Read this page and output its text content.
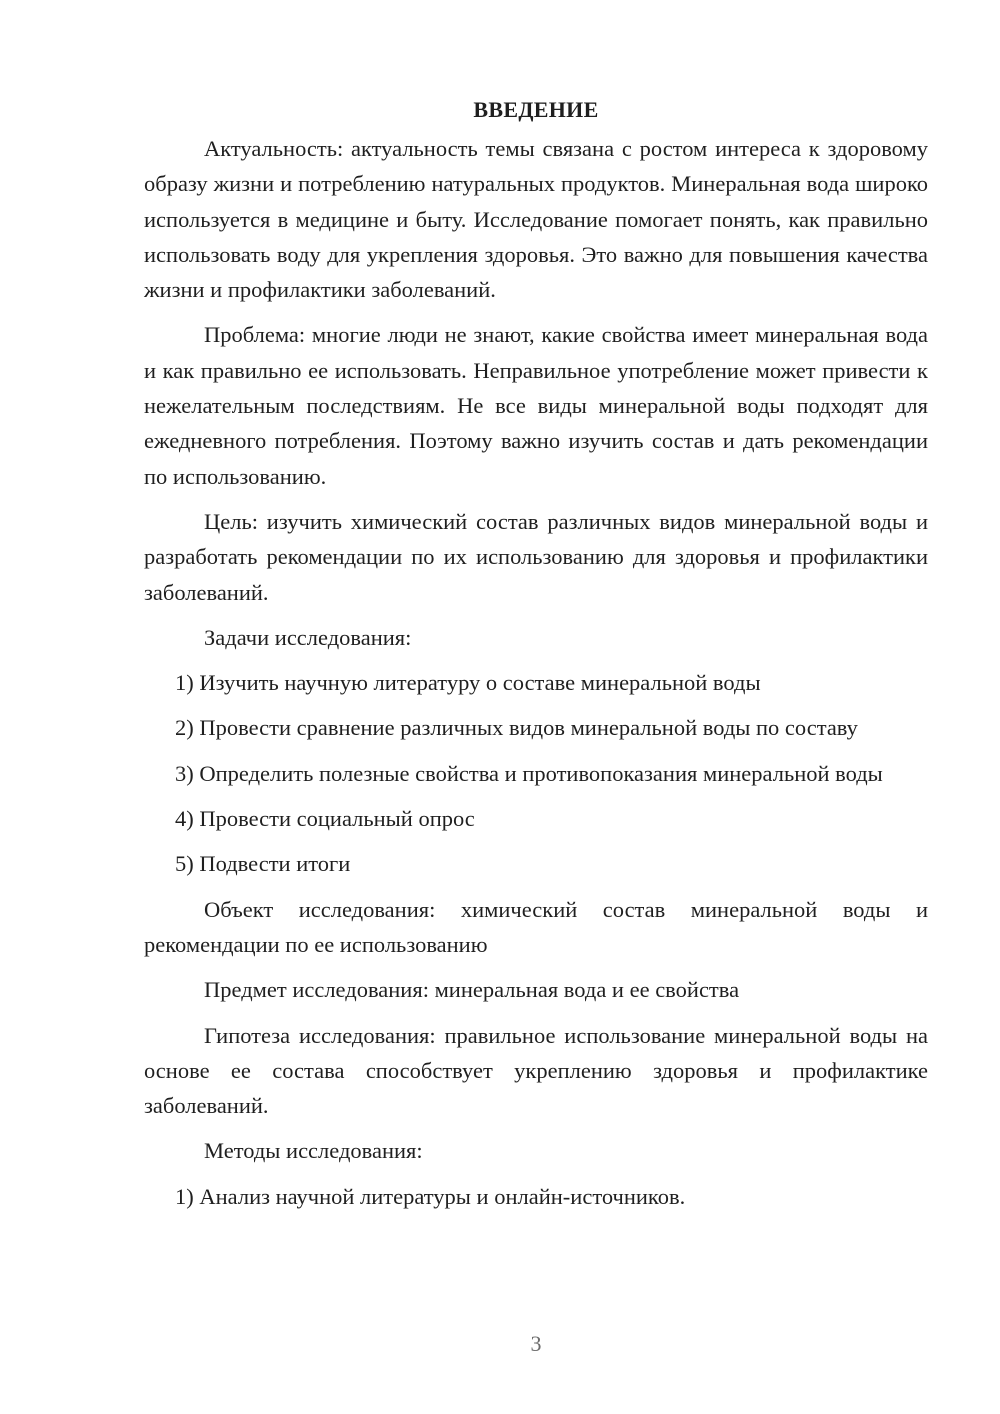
ВВЕДЕНИЕ

Актуальность: актуальность темы связана с ростом интереса к здоровому образу жизни и потреблению натуральных продуктов. Минеральная вода широко используется в медицине и быту. Исследование помогает понять, как правильно использовать воду для укрепления здоровья. Это важно для повышения качества жизни и профилактики заболеваний.

Проблема: многие люди не знают, какие свойства имеет минеральная вода и как правильно ее использовать. Неправильное употребление может привести к нежелательным последствиям. Не все виды минеральной воды подходят для ежедневного потребления. Поэтому важно изучить состав и дать рекомендации по использованию.

Цель: изучить химический состав различных видов минеральной воды и разработать рекомендации по их использованию для здоровья и профилактики заболеваний.

Задачи исследования:

1) Изучить научную литературу о составе минеральной воды

2) Провести сравнение различных видов минеральной воды по составу

3) Определить полезные свойства и противопоказания минеральной воды

4) Провести социальный опрос

5) Подвести итоги

Объект исследования: химический состав минеральной воды и рекомендации по ее использованию

Предмет исследования: минеральная вода и ее свойства

Гипотеза исследования: правильное использование минеральной воды на основе ее состава способствует укреплению здоровья и профилактике заболеваний.

Методы исследования:

1) Анализ научной литературы и онлайн-источников.

3
